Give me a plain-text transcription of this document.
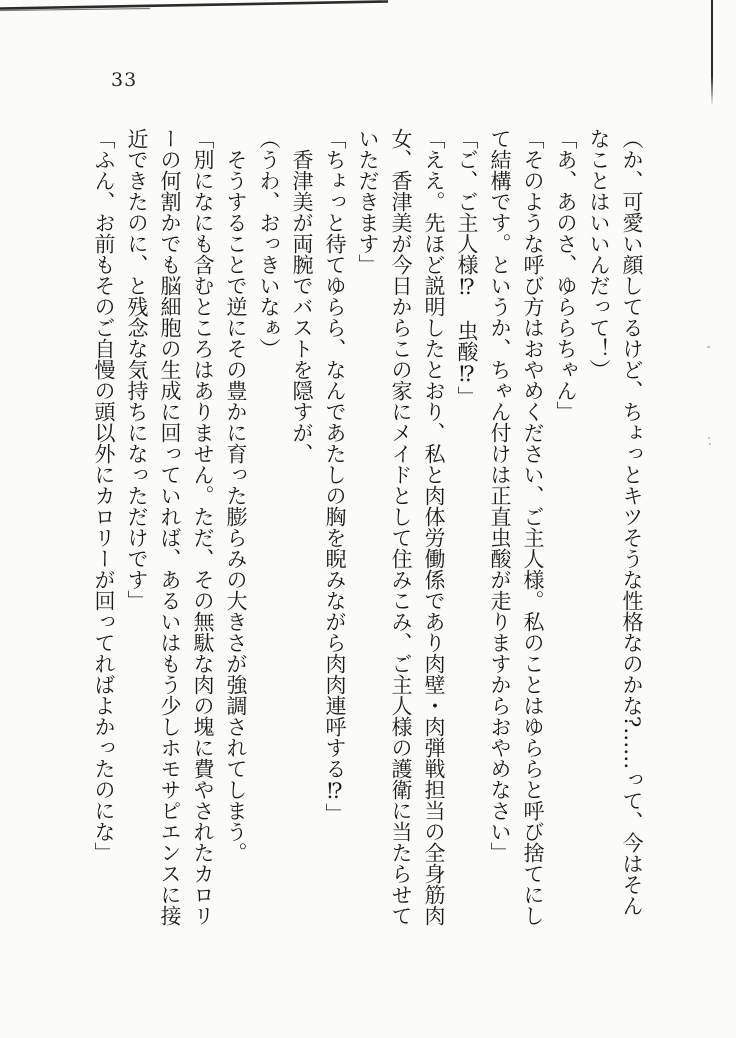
33

（か、可愛い顔してるけど、ちょっとキツそうな性格なのかな?……って、今はそんなことはいいんだって！）

「あ、あのさ、ゆららちゃん」

「そのような呼び方はおやめください、ご主人様。私のことはゆららと呼び捨てにして結構です。というか、ちゃん付けは正直虫酸が走りますからおやめなさい」

「ご、ご主人様⁉　虫酸⁉」

「ええ。先ほど説明したとおり、私と肉体労働係であり肉壁・肉弾戦担当の全身筋肉女、香津美が今日からこの家にメイドとして住みこみ、ご主人様の護衛に当たらせていただきます」

「ちょっと待てゆらら、なんであたしの胸を睨みながら肉肉連呼する⁉」

　香津美が両腕でバストを隠すが、

（うわ、おっきいなぁ）

　そうすることで逆にその豊かに育った膨らみの大きさが強調されてしまう。

「別になにも含むところはありません。ただ、その無駄な肉の塊に費やされたカロリーの何割かでも脳細胞の生成に回っていれば、あるいはもう少しホモサピエンスに接近できたのに、と残念な気持ちになっただけです」

「ふん、お前もそのご自慢の頭以外にカロリーが回ってればよかったのにな」
